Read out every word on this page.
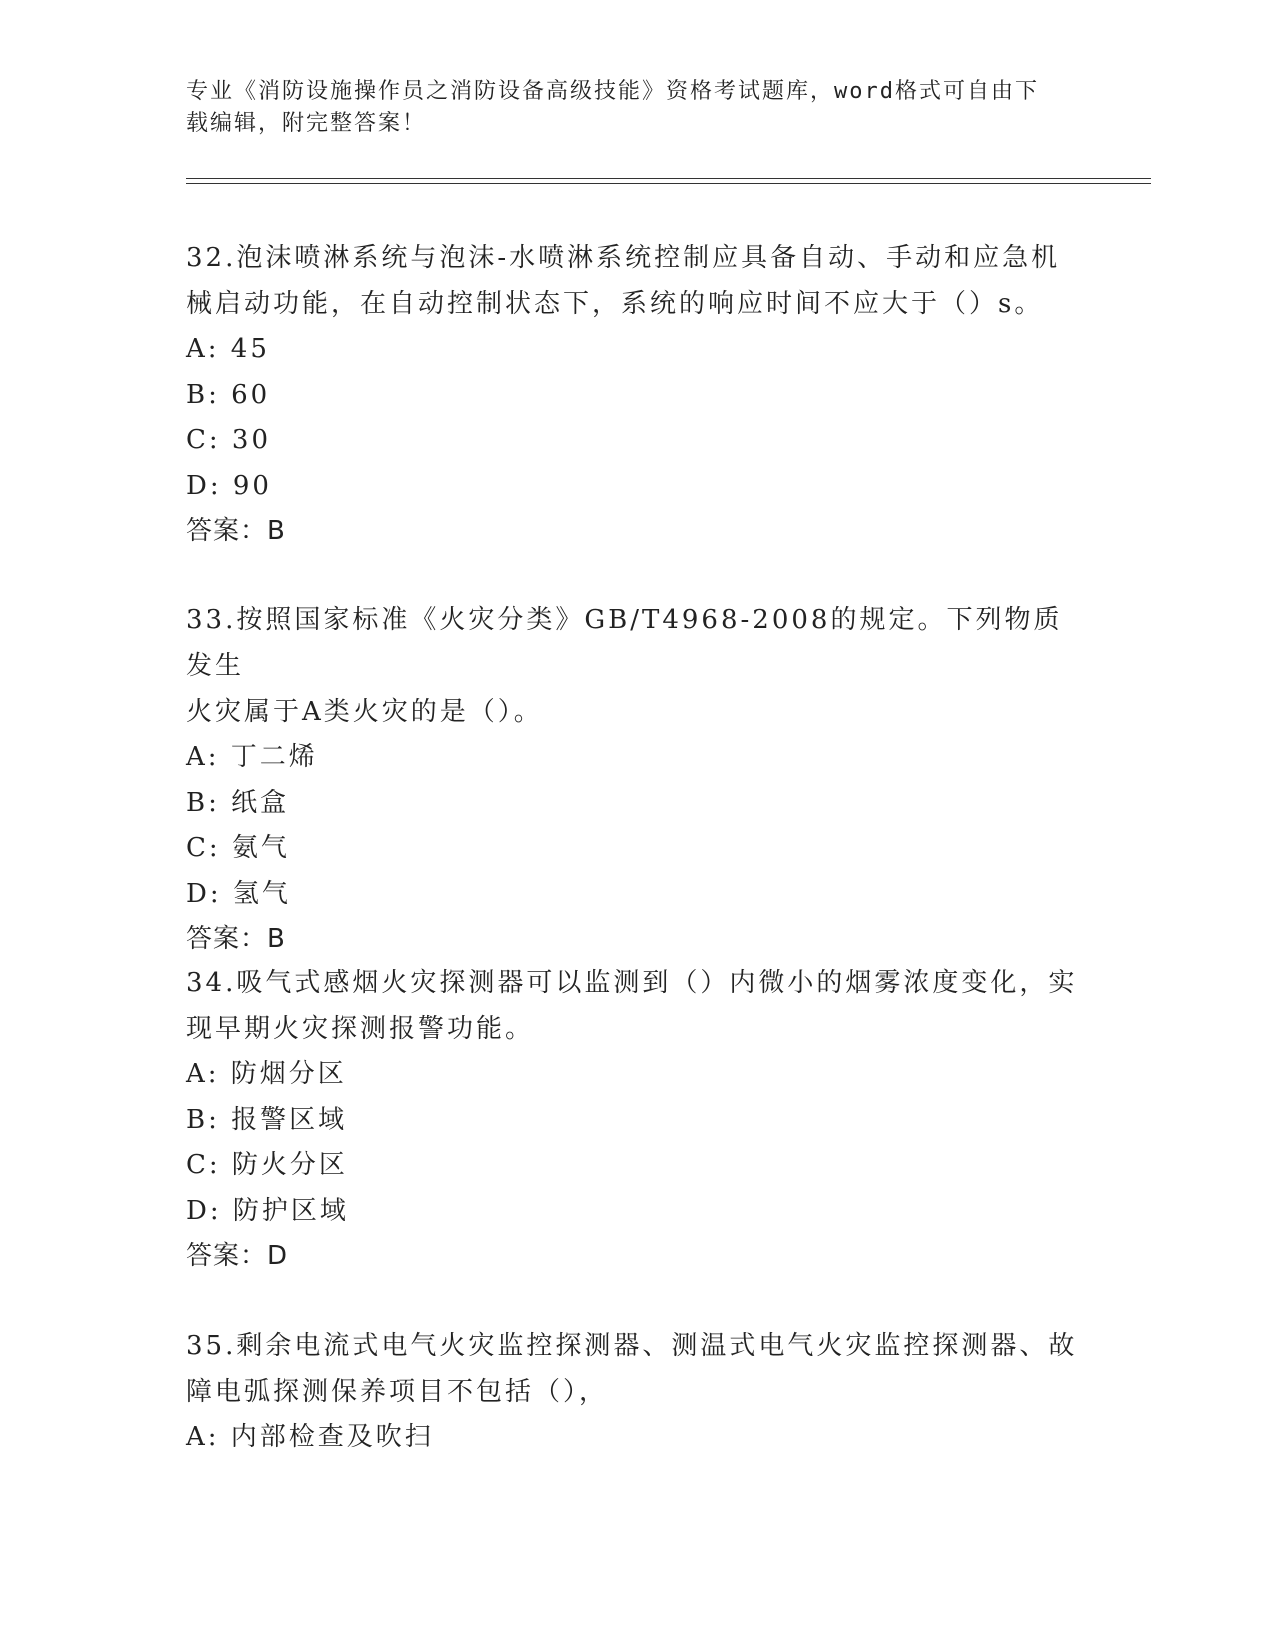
专业《消防设施操作员之消防设备高级技能》资格考试题库，word格式可自由下
载编辑，附完整答案！

32.泡沫喷淋系统与泡沫-水喷淋系统控制应具备自动、手动和应急机

械启动功能，在自动控制状态下，系统的响应时间不应大于（）s。

A: 45

B: 60

C: 30

D: 90

答案：B

33.按照国家标准《火灾分类》GB/T4968-2008的规定。下列物质发生

火灾属于A类火灾的是（）。

A: 丁二烯

B: 纸盒

C: 氨气

D: 氢气

答案：B

34.吸气式感烟火灾探测器可以监测到（）内微小的烟雾浓度变化，实

现早期火灾探测报警功能。

A: 防烟分区

B: 报警区域

C: 防火分区

D: 防护区域

答案：D

35.剩余电流式电气火灾监控探测器、测温式电气火灾监控探测器、故

障电弧探测保养项目不包括（），

A: 内部检查及吹扫
